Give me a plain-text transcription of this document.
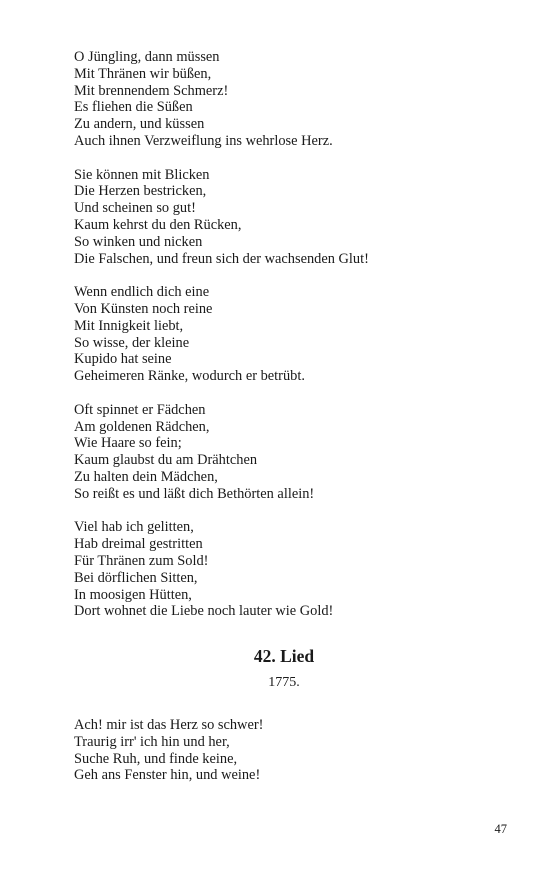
O Jüngling, dann müssen
Mit Thränen wir büßen,
Mit brennendem Schmerz!
Es fliehen die Süßen
Zu andern, und küssen
Auch ihnen Verzweiflung ins wehrlose Herz.
Sie können mit Blicken
Die Herzen bestricken,
Und scheinen so gut!
Kaum kehrst du den Rücken,
So winken und nicken
Die Falschen, und freun sich der wachsenden Glut!
Wenn endlich dich eine
Von Künsten noch reine
Mit Innigkeit liebt,
So wisse, der kleine
Kupido hat seine
Geheimeren Ränke, wodurch er betrübt.
Oft spinnet er Fädchen
Am goldenen Rädchen,
Wie Haare so fein;
Kaum glaubst du am Drähtchen
Zu halten dein Mädchen,
So reißt es und läßt dich Bethörten allein!
Viel hab ich gelitten,
Hab dreimal gestritten
Für Thränen zum Sold!
Bei dörflichen Sitten,
In moosigen Hütten,
Dort wohnet die Liebe noch lauter wie Gold!
42. Lied
1775.
Ach! mir ist das Herz so schwer!
Traurig irr' ich hin und her,
Suche Ruh, und finde keine,
Geh ans Fenster hin, und weine!
47
